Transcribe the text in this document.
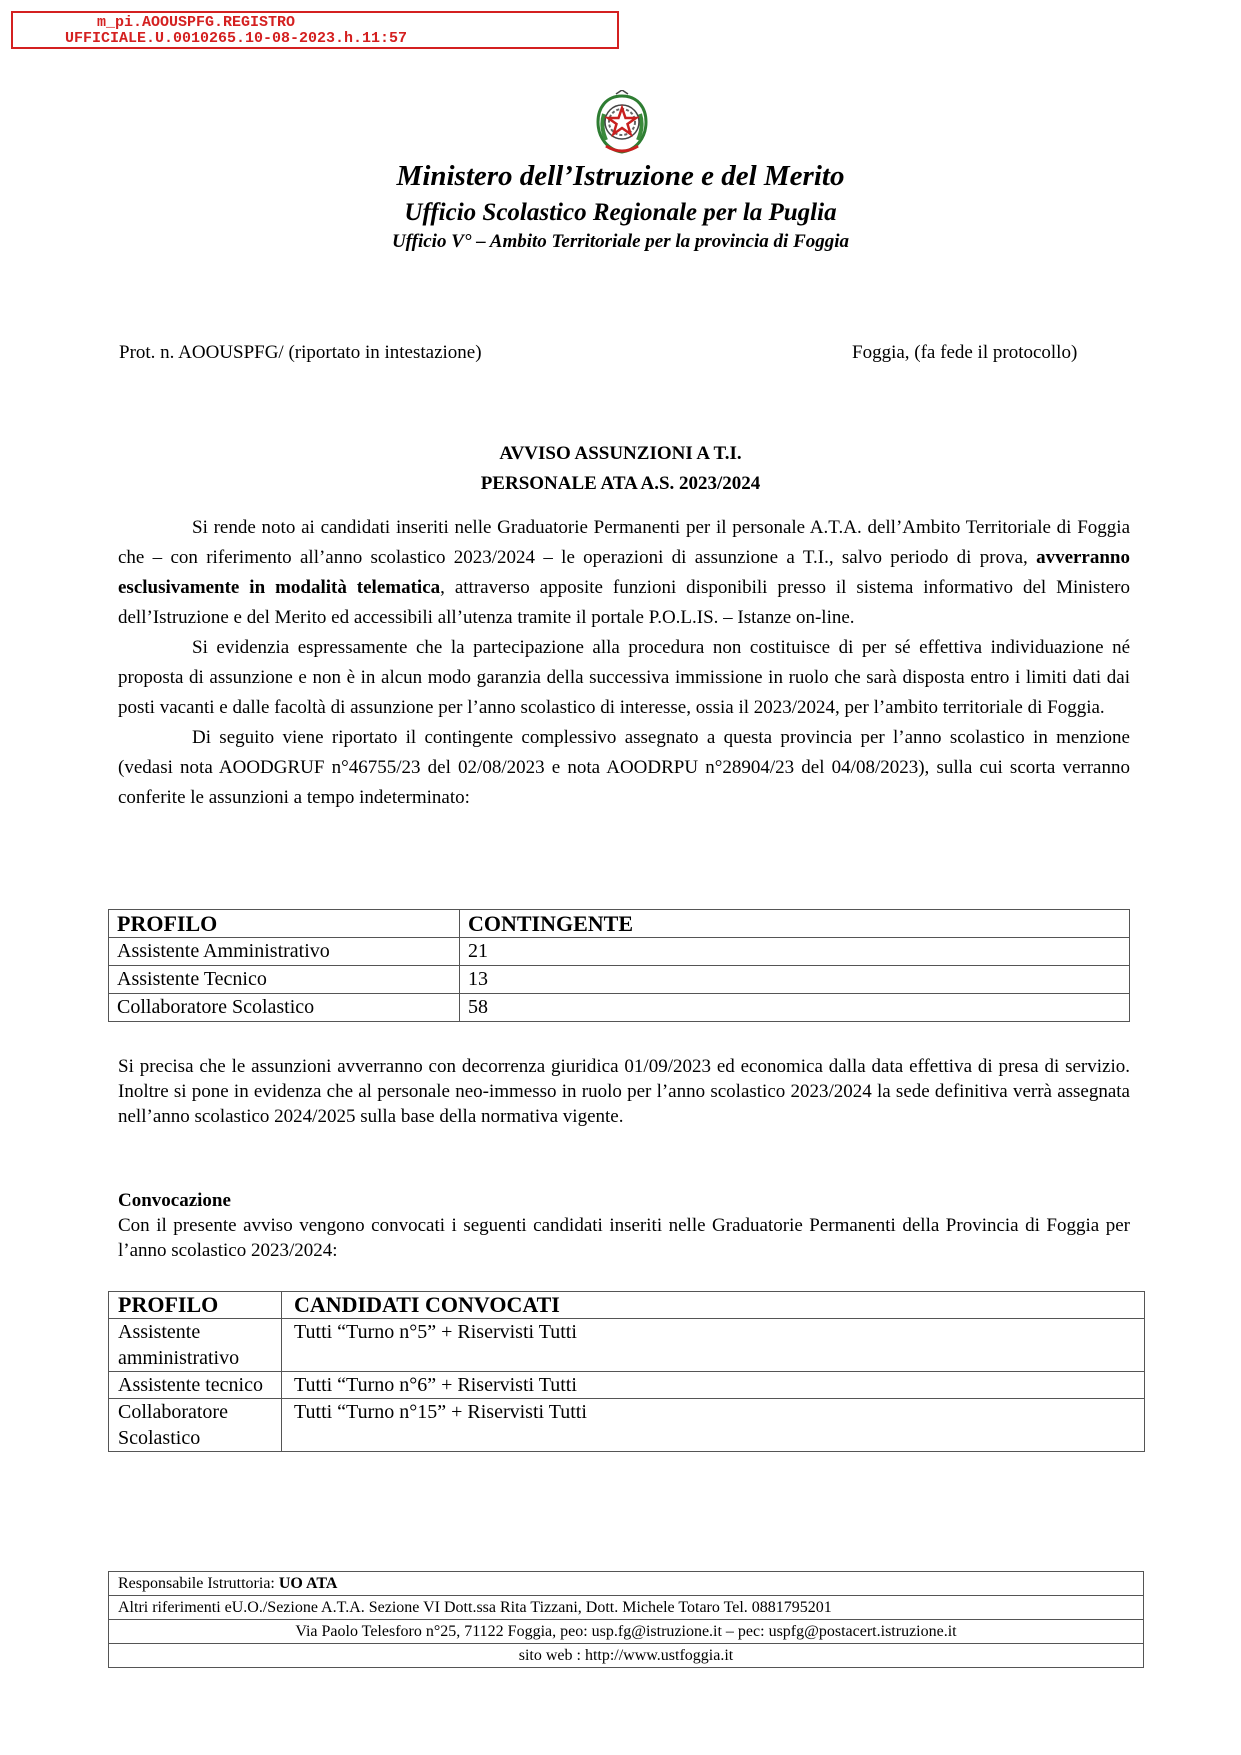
m_pi.AOOUSPFG.REGISTRO
UFFICIALE.U.0010265.10-08-2023.h.11:57
Ministero dell’Istruzione e del Merito
Ufficio Scolastico Regionale per la Puglia
Ufficio V° – Ambito Territoriale per la provincia di Foggia
Prot. n. AOOUSPFG/ (riportato in intestazione)	Foggia, (fa fede il protocollo)
AVVISO ASSUNZIONI A T.I.
PERSONALE ATA A.S. 2023/2024

Si rende noto ai candidati inseriti nelle Graduatorie Permanenti per il personale A.T.A. dell’Ambito Territoriale di Foggia che – con riferimento all’anno scolastico 2023/2024 – le operazioni di assunzione a T.I., salvo periodo di prova, avverranno esclusivamente in modalità telematica, attraverso apposite funzioni disponibili presso il sistema informativo del Ministero dell’Istruzione e del Merito ed accessibili all’utenza tramite il portale P.O.L.IS. – Istanze on-line.

Si evidenzia espressamente che la partecipazione alla procedura non costituisce di per sé effettiva individuazione né proposta di assunzione e non è in alcun modo garanzia della successiva immissione in ruolo che sarà disposta entro i limiti dati dai posti vacanti e dalle facoltà di assunzione per l’anno scolastico di interesse, ossia il 2023/2024, per l’ambito territoriale di Foggia.

Di seguito viene riportato il contingente complessivo assegnato a questa provincia per l’anno scolastico in menzione (vedasi nota AOODGRUF n°46755/23 del 02/08/2023 e nota AOODRPU n°28904/23 del 04/08/2023), sulla cui scorta verranno conferite le assunzioni a tempo indeterminato:

PROFILO	CONTINGENTE
Assistente Amministrativo	21
Assistente Tecnico	13
Collaboratore Scolastico	58

Si precisa che le assunzioni avverranno con decorrenza giuridica 01/09/2023 ed economica dalla data effettiva di presa di servizio. Inoltre si pone in evidenza che al personale neo-immesso in ruolo per l’anno scolastico 2023/2024 la sede definitiva verrà assegnata nell’anno scolastico 2024/2025 sulla base della normativa vigente.

Convocazione

Con il presente avviso vengono convocati i seguenti candidati inseriti nelle Graduatorie Permanenti della Provincia di Foggia per l’anno scolastico 2023/2024:

PROFILO	CANDIDATI CONVOCATI
Assistente amministrativo	Tutti “Turno n°5” + Riservisti Tutti
Assistente tecnico	Tutti “Turno n°6” + Riservisti Tutti
Collaboratore Scolastico	Tutti “Turno n°15” + Riservisti Tutti
Responsabile Istruttoria: UO ATA
Altri riferimenti eU.O./Sezione A.T.A. Sezione VI Dott.ssa Rita Tizzani, Dott. Michele Totaro Tel. 0881795201
Via Paolo Telesforo n°25, 71122 Foggia, peo: usp.fg@istruzione.it – pec: uspfg@postacert.istruzione.it
sito web : http://www.ustfoggia.it
